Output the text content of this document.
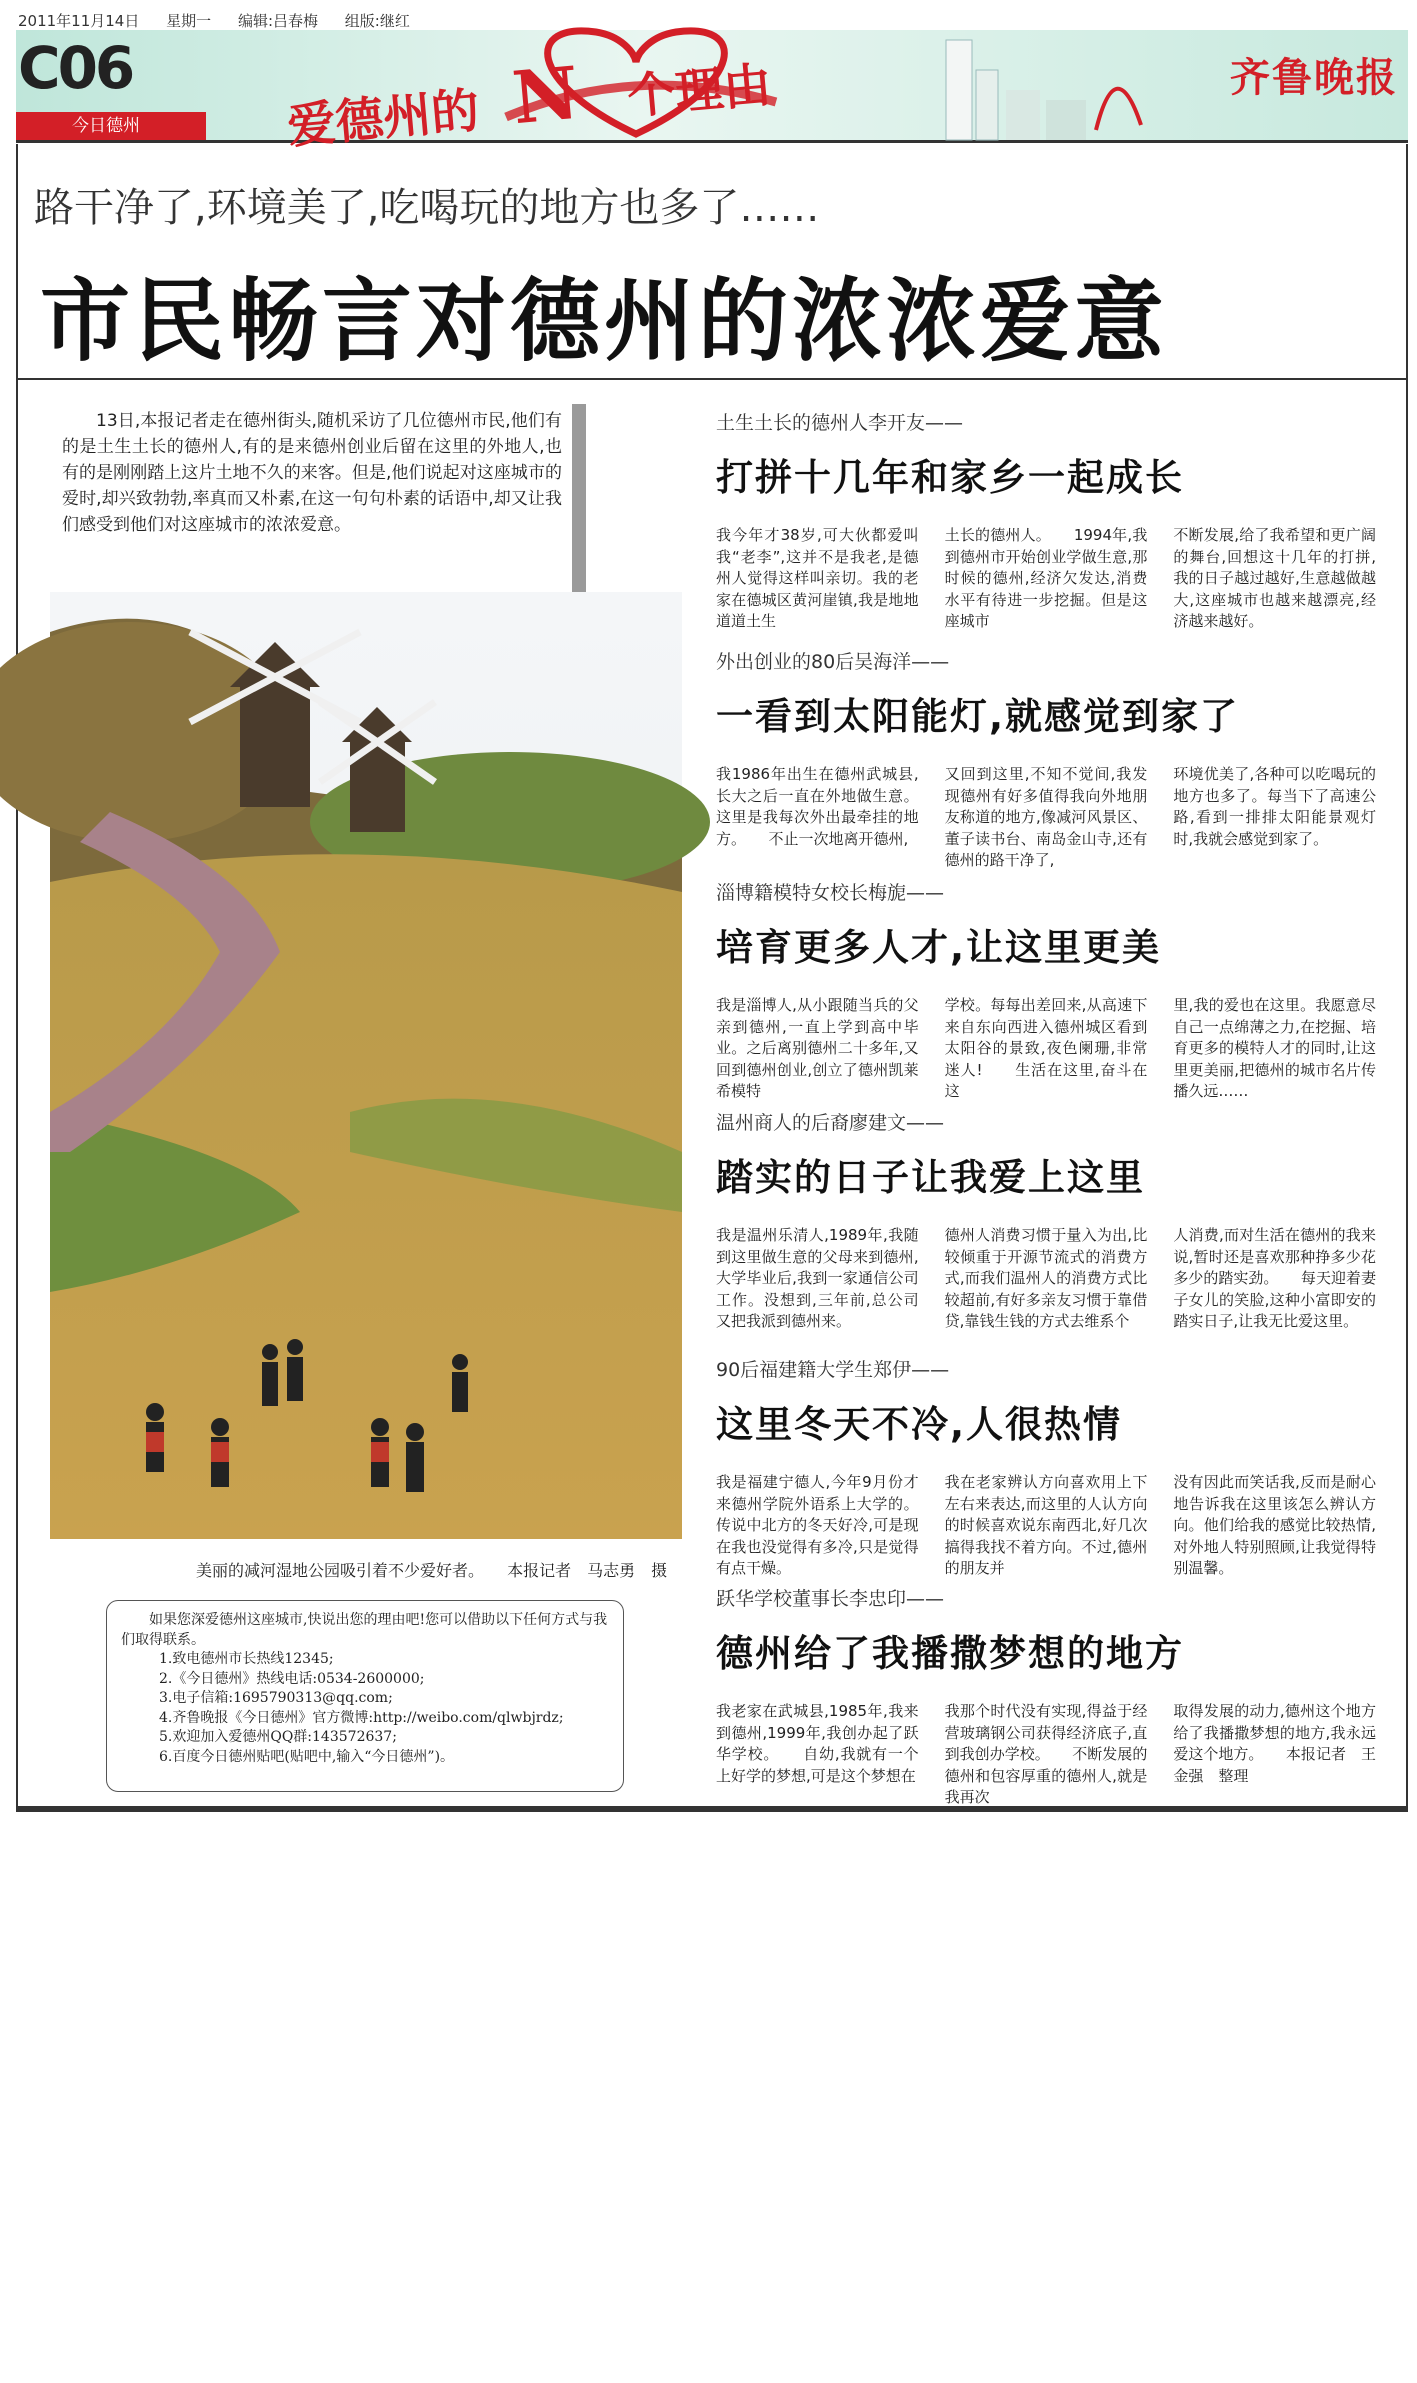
2011年11月14日 星期一 编辑:吕春梅 组版:继红
C06
爱德州的 N 个理由	齐鲁晚报
今日德州
路干净了,环境美了,吃喝玩的地方也多了……
市民畅言对德州的浓浓爱意
13日,本报记者走在德州街头,随机采访了几位德州市民,他们有的是土生土长的德州人,有的是来德州创业后留在这里的外地人,也有的是刚刚踏上这片土地不久的来客。但是,他们说起对这座城市的爱时,却兴致勃勃,率真而又朴素,在这一句句朴素的话语中,却又让我们感受到他们对这座城市的浓浓爱意。
美丽的减河湿地公园吸引着不少爱好者。 本报记者　马志勇　摄
如果您深爱德州这座城市,快说出您的理由吧!您可以借助以下任何方式与我们取得联系。
1.致电德州市长热线12345;
2.《今日德州》热线电话:0534-2600000;
3.电子信箱:1695790313@qq.com;
4.齐鲁晚报《今日德州》官方微博:http://weibo.com/qlwbjrdz;
5.欢迎加入爱德州QQ群:143572637;
6.百度今日德州贴吧(贴吧中,输入“今日德州”)。
土生土长的德州人李开友——
打拼十几年和家乡一起成长
我今年才38岁,可大伙都爱叫我“老李”,这并不是我老,是德州人觉得这样叫亲切。我的老家在德城区黄河崖镇,我是地地道道土生
土长的德州人。　　1994年,我到德州市开始创业学做生意,那时候的德州,经济欠发达,消费水平有待进一步挖掘。但是这座城市
不断发展,给了我希望和更广阔的舞台,回想这十几年的打拼,我的日子越过越好,生意越做越大,这座城市也越来越漂亮,经济越来越好。
外出创业的80后吴海洋——
一看到太阳能灯,就感觉到家了
我1986年出生在德州武城县,长大之后一直在外地做生意。这里是我每次外出最牵挂的地方。　　不止一次地离开德州,
又回到这里,不知不觉间,我发现德州有好多值得我向外地朋友称道的地方,像减河风景区、董子读书台、南岛金山寺,还有德州的路干净了,
环境优美了,各种可以吃喝玩的地方也多了。每当下了高速公路,看到一排排太阳能景观灯时,我就会感觉到家了。
淄博籍模特女校长梅旎——
培育更多人才,让这里更美
我是淄博人,从小跟随当兵的父亲到德州,一直上学到高中毕业。之后离别德州二十多年,又回到德州创业,创立了德州凯莱希模特
学校。每每出差回来,从高速下来自东向西进入德州城区看到太阳谷的景致,夜色阑珊,非常迷人!　　生活在这里,奋斗在这
里,我的爱也在这里。我愿意尽自己一点绵薄之力,在挖掘、培育更多的模特人才的同时,让这里更美丽,把德州的城市名片传播久远……
温州商人的后裔廖建文——
踏实的日子让我爱上这里
我是温州乐清人,1989年,我随到这里做生意的父母来到德州,大学毕业后,我到一家通信公司工作。没想到,三年前,总公司又把我派到德州来。
德州人消费习惯于量入为出,比较倾重于开源节流式的消费方式,而我们温州人的消费方式比较超前,有好多亲友习惯于靠借贷,靠钱生钱的方式去维系个
人消费,而对生活在德州的我来说,暂时还是喜欢那种挣多少花多少的踏实劲。　　每天迎着妻子女儿的笑脸,这种小富即安的踏实日子,让我无比爱这里。
90后福建籍大学生郑伊——
这里冬天不冷,人很热情
我是福建宁德人,今年9月份才来德州学院外语系上大学的。传说中北方的冬天好冷,可是现在我也没觉得有多冷,只是觉得有点干燥。
我在老家辨认方向喜欢用上下左右来表达,而这里的人认方向的时候喜欢说东南西北,好几次搞得我找不着方向。不过,德州的朋友并
没有因此而笑话我,反而是耐心地告诉我在这里该怎么辨认方向。他们给我的感觉比较热情,对外地人特别照顾,让我觉得特别温馨。
跃华学校董事长李忠印——
德州给了我播撒梦想的地方
我老家在武城县,1985年,我来到德州,1999年,我创办起了跃华学校。　　自幼,我就有一个上好学的梦想,可是这个梦想在
我那个时代没有实现,得益于经营玻璃钢公司获得经济底子,直到我创办学校。　　不断发展的德州和包容厚重的德州人,就是我再次
取得发展的动力,德州这个地方给了我播撒梦想的地方,我永远爱这个地方。　　本报记者　王金强　整理
